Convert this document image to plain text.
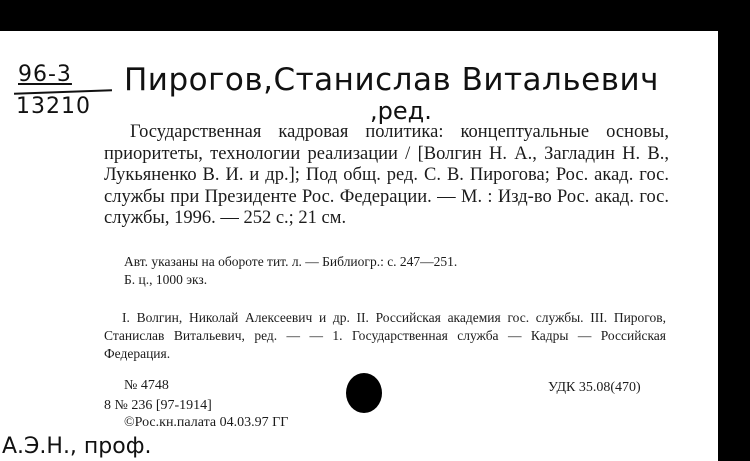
96-3
13210
Пирогов,Станислав Витальевич
,ред.
Государственная кадровая политика: концептуальные основы, приоритеты, технологии реализации / [Волгин Н. А., Загладин Н. В., Лукьяненко В. И. и др.]; Под общ. ред. С. В. Пирогова; Рос. акад. гос. службы при Президенте Рос. Федерации. — М. : Изд-во Рос. акад. гос. службы, 1996. — 252 с.; 21 см.
Авт. указаны на обороте тит. л. — Библиогр.: с. 247—251.
Б. ц., 1000 экз.
I. Волгин, Николай Алексеевич и др. II. Российская академия гос. службы. III. Пирогов, Станислав Витальевич, ред. — — 1. Государственная служба — Кадры — Российская Федерация.
№ 4748	УДК 35.08(470)
8 № 236 [97-1914]
©Рос.кн.палата 04.03.97 ГГ
А.Э.Н., проф.
